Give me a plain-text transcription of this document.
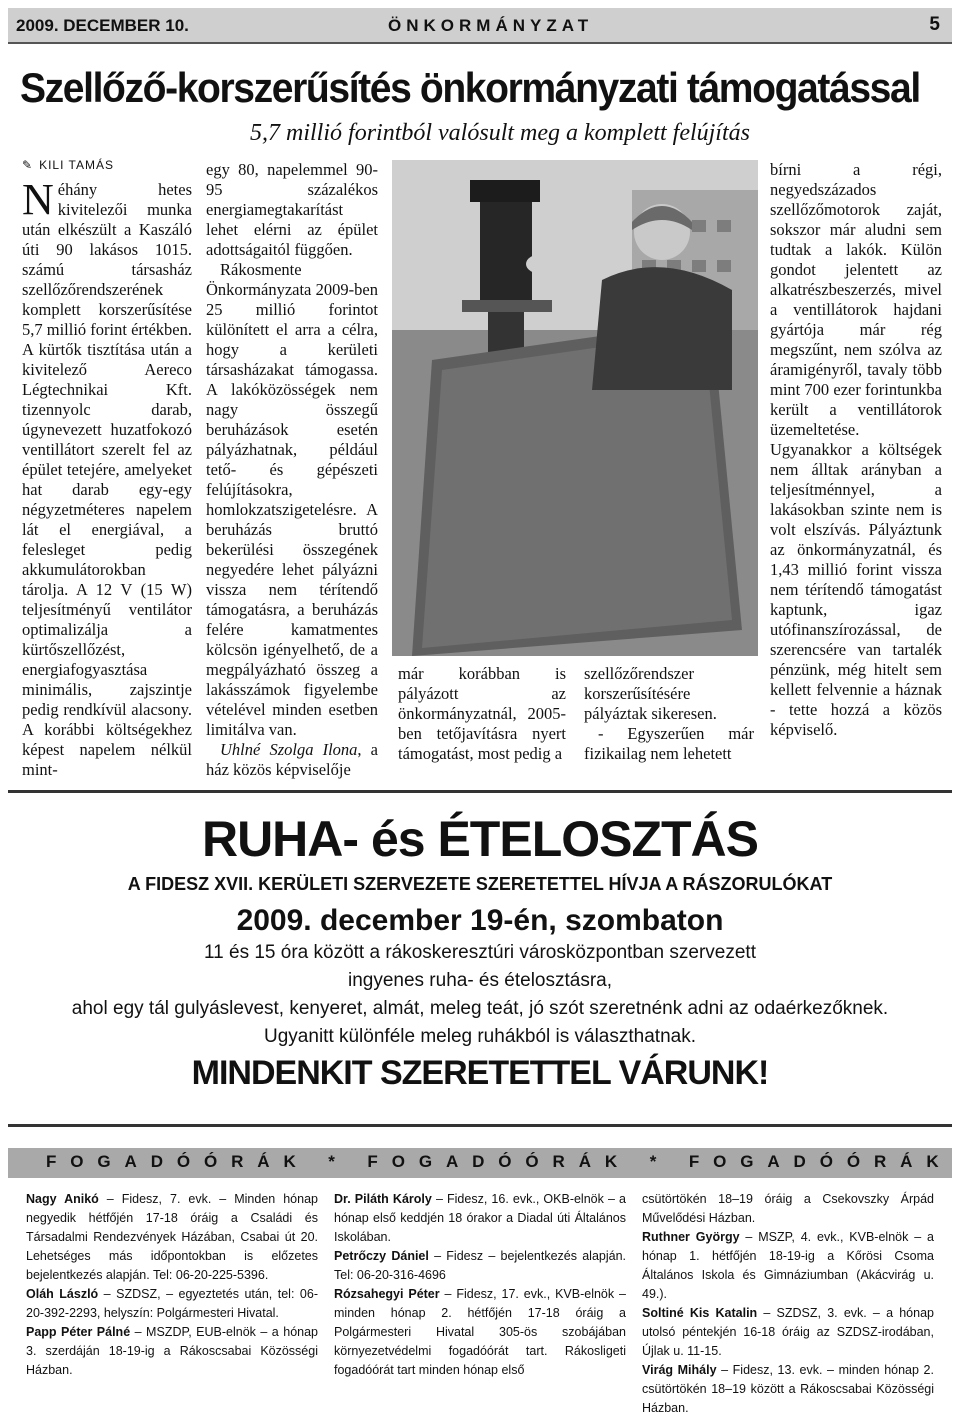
2009. DECEMBER 10.	ÖNKORMÁNYZAT	5
Szellőző-korszerűsítés önkormányzati támogatással
5,7 millió forintból valósult meg a komplett felújítás
✎ KILI TAMÁS

Néhány hetes kivitelezői munka után elkészült a Kaszáló úti 90 lakásos 1015. számú társasház szellőzőrendszerének komplett korszerűsítése 5,7 millió forint értékben. A kürtők tisztítása után a kivitelező Aereco Légtechnikai Kft. tizennyolc darab, úgynevezett huzatfokozó ventillátort szerelt fel az épület tetejére, amelyeket hat darab egy-egy négyzetméteres napelem lát el energiával, a felesleget pedig akkumulátorokban tárolja. A 12 V (15 W) teljesítményű ventilátor optimalizálja a kürtőszellőzést, energiafogyasztása minimális, zajszintje pedig rendkívül alacsony. A korábbi költségekhez képest napelem nélkül mint-

egy 80, napelemmel 90-95 százalékos energiamegtakarítást lehet elérni az épület adottságaitól függően.

Rákosmente Önkormányzata 2009-ben 25 millió forintot különített el arra a célra, hogy a kerületi társasházakat támogassa. A lakóközösségek nem nagy összegű beruházások esetén pályázhatnak, például tető- és gépészeti felújításokra, homlokzatszigetelésre. A beruházás bruttó bekerülési összegének negyedére lehet pályázni vissza nem térítendő támogatásra, a beruházás felére kamatmentes kölcsön igényelhető, de a megpályázható összeg a lakásszámok figyelembe vételével minden esetben limitálva van.

Uhlné Szolga Ilona, a ház közös képviselője

már korábban is pályázott az önkormányzatnál, 2005-ben tetőjavításra nyert támogatást, most pedig a

szellőzőrendszer korszerűsítésére pályáztak sikeresen.

- Egyszerűen már fizikailag nem lehetett

bírni a régi, negyedszázados szellőzőmotorok zaját, sokszor már aludni sem tudtak a lakók. Külön gondot jelentett az alkatrészbeszerzés, mivel a ventillátorok hajdani gyártója már rég megszűnt, nem szólva az áramigényről, tavaly több mint 700 ezer forintunkba került a ventillátorok üzemeltetése. Ugyanakkor a költségek nem álltak arányban a teljesítménnyel, a lakásokban szinte nem is volt elszívás. Pályáztunk az önkormányzatnál, és 1,43 millió forint vissza nem térítendő támogatást kaptunk, igaz utófinanszírozással, de szerencsére van tartalék pénzünk, még hitelt sem kellett felvennie a háznak - tette hozzá a közös képviselő.

RUHA- és ÉTELOSZTÁS
A FIDESZ XVII. KERÜLETI SZERVEZETE SZERETETTEL HÍVJA A RÁSZORULÓKAT
2009. december 19-én, szombaton
11 és 15 óra között a rákoskeresztúri városközpontban szervezett
ingyenes ruha- és ételosztásra,
ahol egy tál gulyáslevest, kenyeret, almát, meleg teát, jó szót szeretnénk adni az odaérkezőknek.
Ugyanitt különféle meleg ruhákból is választhatnak.
MINDENKIT SZERETETTEL VÁRUNK!
FOGADÓÓRÁK * FOGADÓÓRÁK * FOGADÓÓRÁK

Nagy Anikó – Fidesz, 7. evk. – Minden hónap negyedik hétfőjén 17-18 óráig a Családi és Társadalmi Rendezvények Házában, Csabai út 20. Lehetséges más időpontokban is előzetes bejelentkezés alapján. Tel: 06-20-225-5396.

Oláh László – SZDSZ, – egyeztetés után, tel: 06-20-392-2293, helyszín: Polgármesteri Hivatal.

Papp Péter Pálné – MSZDP, EUB-elnök – a hónap 3. szerdáján 18-19-ig a Rákoscsabai Közösségi Házban.

Dr. Piláth Károly – Fidesz, 16. evk., OKB-elnök – a hónap első keddjén 18 órakor a Diadal úti Általános Iskolában.

Petrőczy Dániel – Fidesz – bejelentkezés alapján. Tel: 06-20-316-4696

Rózsahegyi Péter – Fidesz, 17. evk., KVB-elnök – minden hónap 2. hétfőjén 17-18 óráig a Polgármesteri Hivatal 305-ös szobájában környezetvédelmi fogadóórát tart. Rákosligeti fogadóórát tart minden hónap első

csütörtökén 18–19 óráig a Csekovszky Árpád Művelődési Házban.

Ruthner György – MSZP, 4. evk., KVB-elnök – a hónap 1. hétfőjén 18-19-ig a Kőrösi Csoma Általános Iskola és Gimnáziumban (Akácvirág u. 49.).

Soltiné Kis Katalin – SZDSZ, 3. evk. – a hónap utolsó péntekjén 16-18 óráig az SZDSZ-irodában, Újlak u. 11-15.

Virág Mihály – Fidesz, 13. evk. – minden hónap 2. csütörtökén 18–19 között a Rákoscsabai Közösségi Házban.
